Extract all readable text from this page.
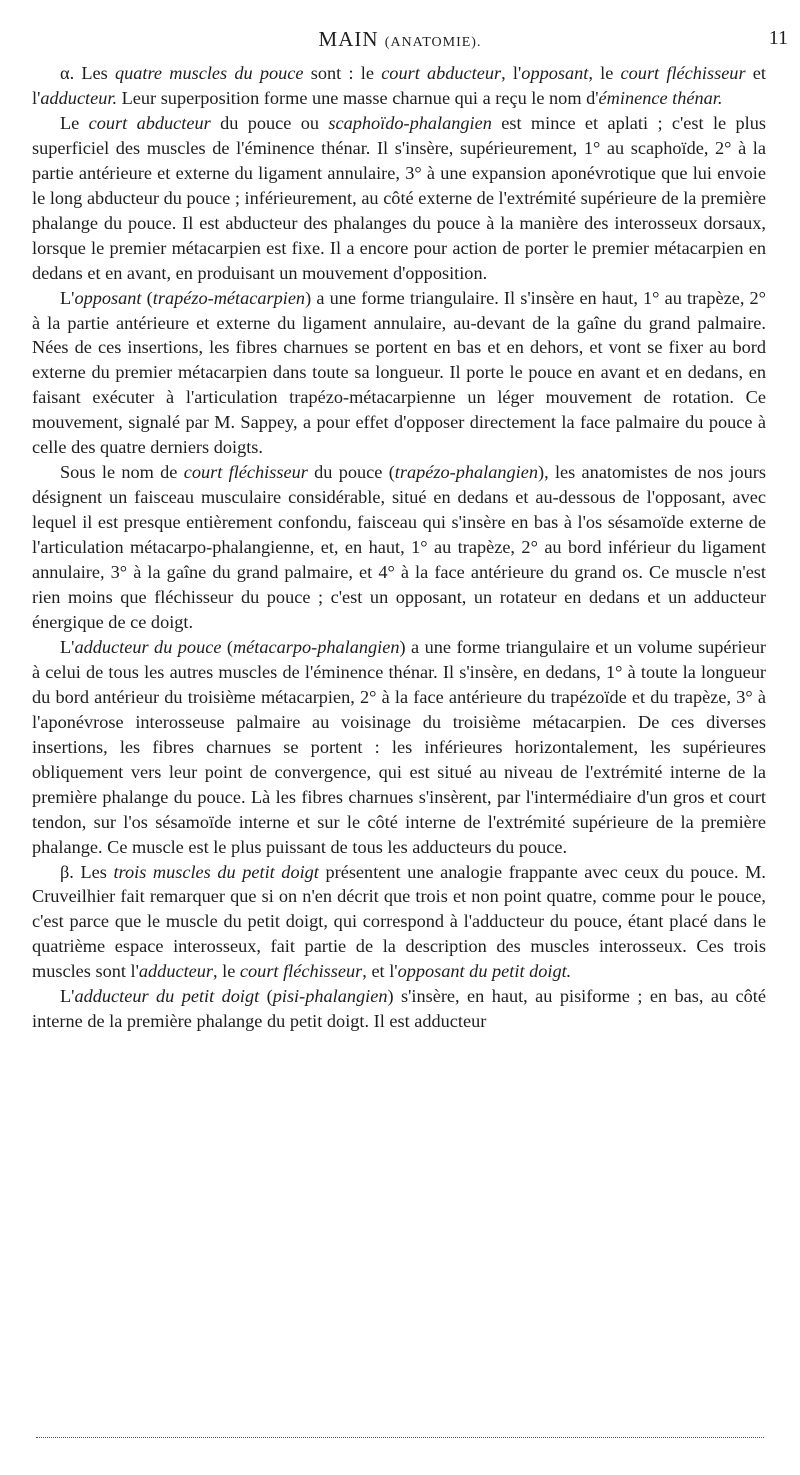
MAIN (ANATOMIE).	11

α. Les quatre muscles du pouce sont : le court abducteur, l'opposant, le court fléchisseur et l'adducteur. Leur superposition forme une masse charnue qui a reçu le nom d'éminence thénar.

Le court abducteur du pouce ou scaphoïdo-phalangien est mince et aplati ; c'est le plus superficiel des muscles de l'éminence thénar. Il s'insère, supérieurement, 1° au scaphoïde, 2° à la partie antérieure et externe du ligament annulaire, 3° à une expansion aponévrotique que lui envoie le long abducteur du pouce ; inférieurement, au côté externe de l'extrémité supérieure de la première phalange du pouce. Il est abducteur des phalanges du pouce à la manière des interosseux dorsaux, lorsque le premier métacarpien est fixe. Il a encore pour action de porter le premier métacarpien en dedans et en avant, en produisant un mouvement d'opposition.

L'opposant (trapézo-métacarpien) a une forme triangulaire. Il s'insère en haut, 1° au trapèze, 2° à la partie antérieure et externe du ligament annulaire, au-devant de la gaîne du grand palmaire. Nées de ces insertions, les fibres charnues se portent en bas et en dehors, et vont se fixer au bord externe du premier métacarpien dans toute sa longueur. Il porte le pouce en avant et en dedans, en faisant exécuter à l'articulation trapézo-métacarpienne un léger mouvement de rotation. Ce mouvement, signalé par M. Sappey, a pour effet d'opposer directement la face palmaire du pouce à celle des quatre derniers doigts.

Sous le nom de court fléchisseur du pouce (trapézo-phalangien), les anatomistes de nos jours désignent un faisceau musculaire considérable, situé en dedans et au-dessous de l'opposant, avec lequel il est presque entièrement confondu, faisceau qui s'insère en bas à l'os sésamoïde externe de l'articulation métacarpo-phalangienne, et, en haut, 1° au trapèze, 2° au bord inférieur du ligament annulaire, 3° à la gaîne du grand palmaire, et 4° à la face antérieure du grand os. Ce muscle n'est rien moins que fléchisseur du pouce ; c'est un opposant, un rotateur en dedans et un adducteur énergique de ce doigt.

L'adducteur du pouce (métacarpo-phalangien) a une forme triangulaire et un volume supérieur à celui de tous les autres muscles de l'éminence thénar. Il s'insère, en dedans, 1° à toute la longueur du bord antérieur du troisième métacarpien, 2° à la face antérieure du trapézoïde et du trapèze, 3° à l'aponévrose interosseuse palmaire au voisinage du troisième métacarpien. De ces diverses insertions, les fibres charnues se portent : les inférieures horizontalement, les supérieures obliquement vers leur point de convergence, qui est situé au niveau de l'extrémité interne de la première phalange du pouce. Là les fibres charnues s'insèrent, par l'intermédiaire d'un gros et court tendon, sur l'os sésamoïde interne et sur le côté interne de l'extrémité supérieure de la première phalange. Ce muscle est le plus puissant de tous les adducteurs du pouce.

β. Les trois muscles du petit doigt présentent une analogie frappante avec ceux du pouce. M. Cruveilhier fait remarquer que si on n'en décrit que trois et non point quatre, comme pour le pouce, c'est parce que le muscle du petit doigt, qui correspond à l'adducteur du pouce, étant placé dans le quatrième espace interosseux, fait partie de la description des muscles interosseux. Ces trois muscles sont l'adducteur, le court fléchisseur, et l'opposant du petit doigt.

L'adducteur du petit doigt (pisi-phalangien) s'insère, en haut, au pisiforme ; en bas, au côté interne de la première phalange du petit doigt. Il est adducteur
